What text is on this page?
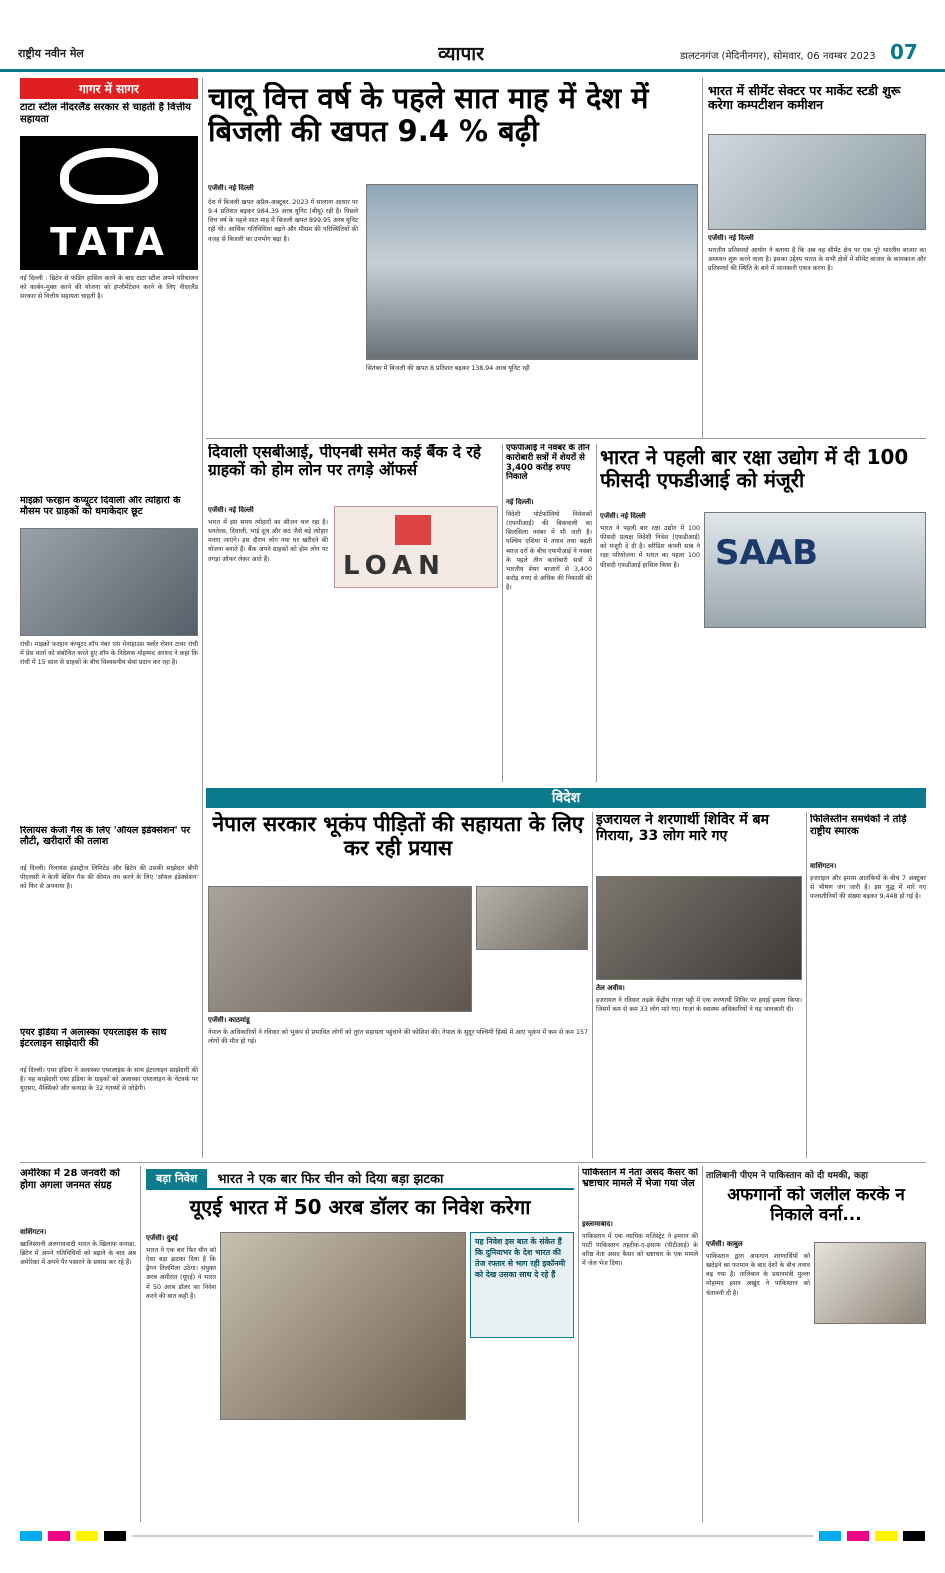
राष्ट्रीय नवीन मेल	व्यापार	डालटनगंज (मेदिनीनगर), सोमवार, 06 नवम्बर 2023 07
गागर में सागर
टाटा स्टील नीदरलैंड सरकार से चाहती है वित्तीय सहायता
TATA
नई दिल्ली : ब्रिटेन से फंडिंग हासिल करने के बाद टाटा स्टील अपने परिचालन को कार्बन-मुक्त करने की योजना को इंप्लीमेंटेशन करने के लिए नीदरलैंड सरकार से वित्तीय सहायता चाहती है।
माइक्रो फरहान कंप्यूटर दिवाली और त्योहारों के मौसम पर ग्राहकों को धमाकेदार छूट
रांची। माइक्रो फरहान कंप्यूटर शॉप नंबर एस मेनाहाउस फ्लोर रोशन टावर रांची में प्रेस वार्ता को संबोधित करते हुए शॉप के निदेशक मोहम्मद अरशद ने कहा कि रांची में 15 साल से ग्राहकों के बीच विश्वसनीय सेवा प्रदान कर रहा है।
रिलायंस केजी गैस के लिए 'ऑयल इंडेक्सेशन' पर लौटी, खरीदारों की तलाश
नई दिल्ली। रिलायंस इंडस्ट्रीज लिमिटेड और ब्रिटेन की उसकी साझेदार बीपी पीएलसी ने केजी बेसिन गैस की कीमत तय करने के लिए 'ऑयल इंडेक्सेशन' को फिर से अपनाया है।
एयर इंडिया ने अलास्का एयरलाइंस के साथ इंटरलाइन साझेदारी की
नई दिल्ली। एयर इंडिया ने अलास्का एयरलाइंस के साथ इंटरलाइन साझेदारी की है। यह साझेदारी एयर इंडिया के ग्राहकों को अलास्का एयरलाइन के नेटवर्क पर यूएसए, मैक्सिको और कनाडा के 32 गंतव्यों से जोड़ेगी।
चालू वित्त वर्ष के पहले सात माह में देश में बिजली की खपत 9.4 % बढ़ी
एजेंसी। नई दिल्ली
देश में बिजली खपत अप्रैल-अक्टूबर, 2023 में सालाना आधार पर 9.4 प्रतिशत बढ़कर 984.39 अरब यूनिट (बीयू) रही है। पिछले वित्त वर्ष के पहले सात माह में बिजली खपत 899.95 अरब यूनिट रही थी। आर्थिक गतिविधियां बढ़ने और मौसम की परिस्थितियों की वजह से बिजली का उपभोग बढ़ा है।
सितंबर में बिजली की खपत 8 प्रतिशत बढ़कर 138.94 अरब यूनिट रही
भारत में सीमेंट सेक्टर पर मार्केट स्टडी शुरू करेगा कम्पटीशन कमीशन
एजेंसी। नई दिल्ली
भारतीय प्रतिस्पर्धा आयोग ने बताया है कि अब वह सीमेंट क्षेत्र पर एक पूरे भारतीय बाजार का अध्ययन शुरू करने वाला है। इसका उद्देश्य भारत के सभी क्षेत्रों में सीमेंट बाजार के कामकाज और प्रतिस्पर्धा की स्थिति के बारे में जानकारी एकत्र करना है।
दिवाली एसबीआई, पीएनबी समेत कई बैंक दे रहे ग्राहकों को होम लोन पर तगड़े ऑफर्स
एजेंसी। नई दिल्ली
भारत में इस समय त्योहारों का सीजन चल रहा है। धनतेरस, दिवाली, भाई दूज और छठ जैसे बड़े त्योहार मनाए जाएंगे। इस दौरान लोग नया घर खरीदने की योजना बनाते हैं। बैंक अपने ग्राहकों को होम लोन पर तगड़ा ऑफर लेकर आते हैं।	LOAN
एफपीआई ने नवंबर के तीन कारोबारी सत्रों में शेयरों से 3,400 करोड़ रुपए निकाले
नई दिल्ली।
विदेशी पोर्टफोलियो निवेशकों (एफपीआई) की बिकवाली का सिलसिला नवंबर में भी जारी है। पश्चिम एशिया में तनाव तथा बढ़ती ब्याज दरों के बीच एफपीआई ने नवंबर के पहले तीन कारोबारी सत्रों में भारतीय शेयर बाजारों से 3,400 करोड़ रुपए से अधिक की निकासी की है।
भारत ने पहली बार रक्षा उद्योग में दी 100 फीसदी एफडीआई को मंजूरी
एजेंसी। नई दिल्ली
भारत ने पहली बार रक्षा उद्योग में 100 फीसदी प्रत्यक्ष विदेशी निवेश (एफडीआई) को मंजूरी दे दी है। स्वीडिश कंपनी साब ने रक्षा परियोजना में भारत का पहला 100 फीसदी एफडीआई हासिल किया है।	SAAB
विदेश
नेपाल सरकार भूकंप पीड़ितों की सहायता के लिए कर रही प्रयास
एजेंसी। काठमांडू
नेपाल के अधिकारियों ने रविवार को भूकंप से प्रभावित लोगों को तुरंत सहायता पहुंचाने की कोशिश की। नेपाल के सुदूर पश्चिमी हिस्से में आए भूकंप में कम से कम 157 लोगों की मौत हो गई।
इजरायल ने शरणार्थी शिविर में बम गिराया, 33 लोग मारे गए
तेल अवीव।
इजरायल ने रविवार तड़के केंद्रीय गाज़ा पट्टी में एक शरणार्थी शिविर पर हवाई हमला किया। जिसमें कम से कम 33 लोग मारे गए। गाज़ा के स्वास्थ्य अधिकारियों ने यह जानकारी दी।
फिलिस्तीन समर्थकों ने तोड़े राष्ट्रीय स्मारक
वाशिंगटन।
इजराइल और हमास आतंकियों के बीच 7 अक्टूबर से भीषण जंग जारी है। इस युद्ध में मारे गए फलस्तीनियों की संख्या बढ़कर 9,448 हो गई है।
अमेरिका में 28 जनवरी को होगा अगला जनमत संग्रह
वाशिंगटन।
खालिस्तानी अलगाववादी भारत के खिलाफ कनाडा, ब्रिटेन में अपने गतिविधियों को बढ़ाने के बाद अब अमेरिका में अपने पैर पसारने के प्रयास कर रहे हैं।
बड़ा निवेश	भारत ने एक बार फिर चीन को दिया बड़ा झटका
यूएई भारत में 50 अरब डॉलर का निवेश करेगा
एजेंसी। दुबई
भारत ने एक बार फिर चीन को ऐसा बड़ा झटका दिया है कि ड्रैगन तिलमिला उठेगा। संयुक्त अरब अमीरात (यूएई) ने भारत में 50 अरब डॉलर का निवेश करने की बात कही है।
यह निवेश इस बात के संकेत हैं कि दुनियाभर के देश भारत की तेज रफ्तार से भाग रही इकॉनमी को देख उसका साथ दे रहे हैं
पाकिस्तान में नेता असद कैसर को भ्रष्टाचार मामले में भेजा गया जेल
इस्लामाबाद।
पाकिस्तान में एक न्यायिक मजिस्ट्रेट ने इमरान की पार्टी पाकिस्तान तहरीक-ए-इंसाफ (पीटीआई) के वरिष्ठ नेता असद कैसर को भ्रष्टाचार के एक मामले में जेल भेज दिया।
तालिबानी पीएम ने पाकिस्तान को दी धमकी, कहा
अफगानों को जलील करके न निकाले वर्ना...
एजेंसी। काबुल
पाकिस्तान द्वारा अफगान शरणार्थियों को खदेड़ने का फरमान के बाद देशों के बीच तनाव बढ़ गया है। तालिबान के प्रधानमंत्री मुल्ला मोहम्मद हसन अखुंद ने पाकिस्तान को चेतावनी दी है।
